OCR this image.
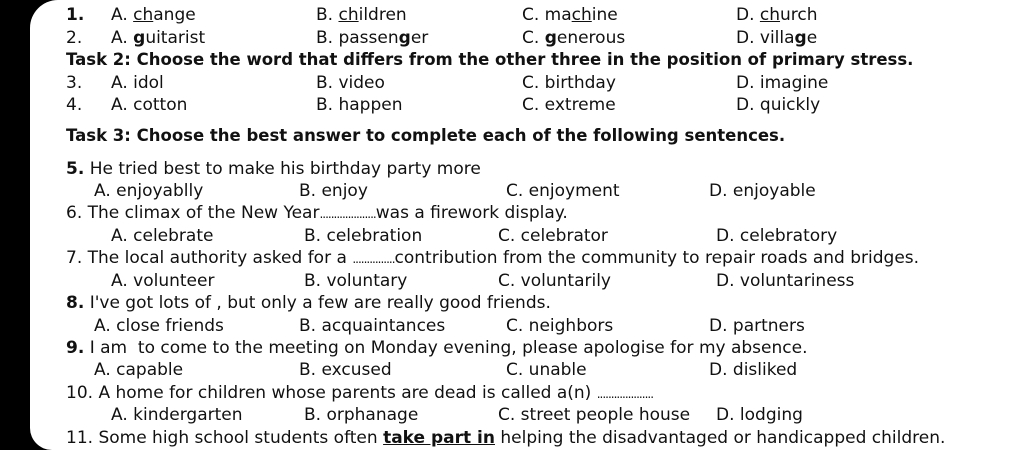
1. A. change	B. children	C. machine	D. church
2. A. guitarist	B. passenger	C. generous	D. village
Task 2: Choose the word that differs from the other three in the position of primary stress.
3. A. idol	B. video	C. birthday	D. imagine
4. A. cotton	B. happen	C. extreme	D. quickly
Task 3: Choose the best answer to complete each of the following sentences.
5. He tried best to make his birthday party more
A. enjoyablly	B. enjoy	C. enjoyment	D. enjoyable
6. The climax of the New Year....................was a firework display.
A. celebrate	B. celebration	C. celebrator	D. celebratory
7. The local authority asked for a ...............contribution from the community to repair roads and bridges.
A. volunteer	B. voluntary	C. voluntarily	D. voluntariness
8. I've got lots of , but only a few are really good friends.
A. close friends	B. acquaintances	C. neighbors	D. partners
9. I am  to come to the meeting on Monday evening, please apologise for my absence.
A. capable	B. excused	C. unable	D. disliked
10. A home for children whose parents are dead is called a(n) ....................
A. kindergarten	B. orphanage	C. street people house D. lodging
11. Some high school students often take part in helping the disadvantaged or handicapped children.
